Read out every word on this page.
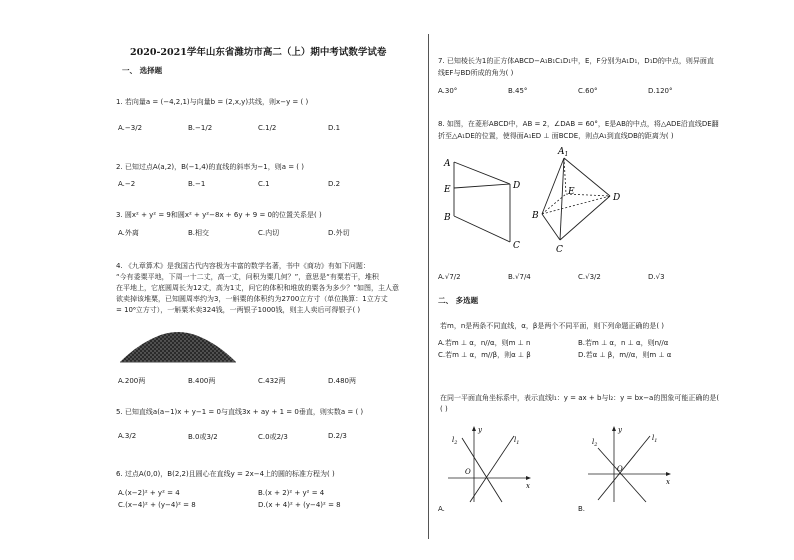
2020-2021学年山东省潍坊市高二（上）期中考试数学试卷
一、 选择题
1. 若向量a = (−4,2,1)与向量b = (2,x,y)共线，则x−y = ( )
A.−3/2	B.−1/2	C.1/2	D.1
2. 已知过点A(a,2)，B(−1,4)的直线的斜率为−1，则a = ( )
A.−2	B.−1	C.1	D.2
3. 圆x² + y² = 9和圆x² + y²−8x + 6y + 9 = 0的位置关系是( )
A.外离	B.相交	C.内切	D.外切
4. 《九章算术》是我国古代内容极为丰富的数学名著，书中《商功》有如下问题：
“今有委粟平地，下周一十二丈，高一丈，问积为粟几何？”，意思是“有粟若干，堆积
在平地上，它底圆周长为12丈，高为1丈，问它的体积和堆放的粟各为多少？”如图，主人意
欲卖掉该堆粟，已知圆周率约为3，一斛粟的体积约为2700立方寸（单位换算：1立方丈
= 10⁶立方寸），一斛粟米卖324钱，一两银子1000钱，则主人卖后可得银子( )
A.200两	B.400两	C.432两	D.480两
5. 已知直线a(a−1)x + y−1 = 0与直线3x + ay + 1 = 0垂直，则实数a = ( )
A.3/2	B.0或3/2	C.0或2/3	D.2/3
6. 过点A(0,0)，B(2,2)且圆心在直线y = 2x−4上的圆的标准方程为( )
A.(x−2)² + y² = 4	B.(x + 2)² + y² = 4
C.(x−4)² + (y−4)² = 8	D.(x + 4)² + (y−4)² = 8
7. 已知棱长为1的正方体ABCD−A₁B₁C₁D₁中，E，F分别为A₁D₁，D₁D的中点，则异面直
线EF与BD所成的角为( )
A.30°	B.45°	C.60°	D.120°
8. 如图，在菱形ABCD中，AB = 2，∠DAB = 60°，E是AB的中点，将△ADE沿直线DE翻
折至△A₁DE的位置，使得面A₁ED ⊥ 面BCDE，则点A₁到直线DB的距离为( )
A
E
B
D
C
$A_1$
E
B
D
C
A.√7/2	B.√7/4	C.√3/2	D.√3
二、 多选题
若m，n是两条不同直线，α，β是两个不同平面，则下列命题正确的是( )
A.若m ⊥ α，n//α，则m ⊥ n	B.若m ⊥ α，n ⊥ α，则n//α
C.若m ⊥ α，m//β，则α ⊥ β	D.若α ⊥ β，m//α，则m ⊥ α
在同一平面直角坐标系中，表示直线l₁：y = ax + b与l₂：y = bx−a的图象可能正确的是(
( )
y
x
O
$l_2$	$l_1$
A.
y
x
O
$l_2$
$l_1$
B.
